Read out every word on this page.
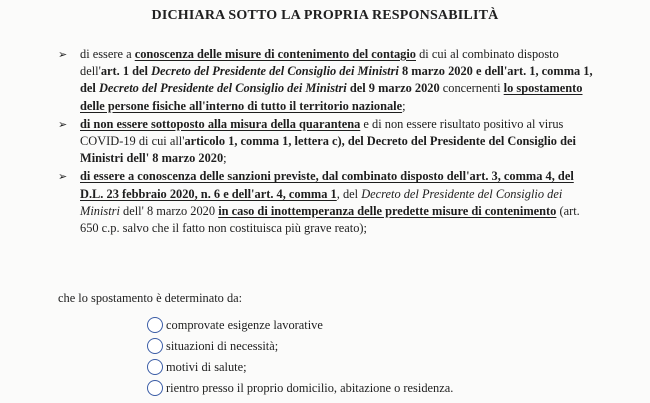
DICHIARA SOTTO LA PROPRIA RESPONSABILITÀ
➢ di essere a conoscenza delle misure di contenimento del contagio di cui al combinato disposto dell'art. 1 del Decreto del Presidente del Consiglio dei Ministri 8 marzo 2020 e dell'art. 1, comma 1, del Decreto del Presidente del Consiglio dei Ministri del 9 marzo 2020 concernenti lo spostamento delle persone fisiche all'interno di tutto il territorio nazionale;
➢ di non essere sottoposto alla misura della quarantena e di non essere risultato positivo al virus COVID-19 di cui all'articolo 1, comma 1, lettera c), del Decreto del Presidente del Consiglio dei Ministri dell' 8 marzo 2020;
➢ di essere a conoscenza delle sanzioni previste, dal combinato disposto dell'art. 3, comma 4, del D.L. 23 febbraio 2020, n. 6 e dell'art. 4, comma 1, del Decreto del Presidente del Consiglio dei Ministri dell' 8 marzo 2020 in caso di inottemperanza delle predette misure di contenimento (art. 650 c.p. salvo che il fatto non costituisca più grave reato);
che lo spostamento è determinato da:
comprovate esigenze lavorative
situazioni di necessità;
motivi di salute;
rientro presso il proprio domicilio, abitazione o residenza.
